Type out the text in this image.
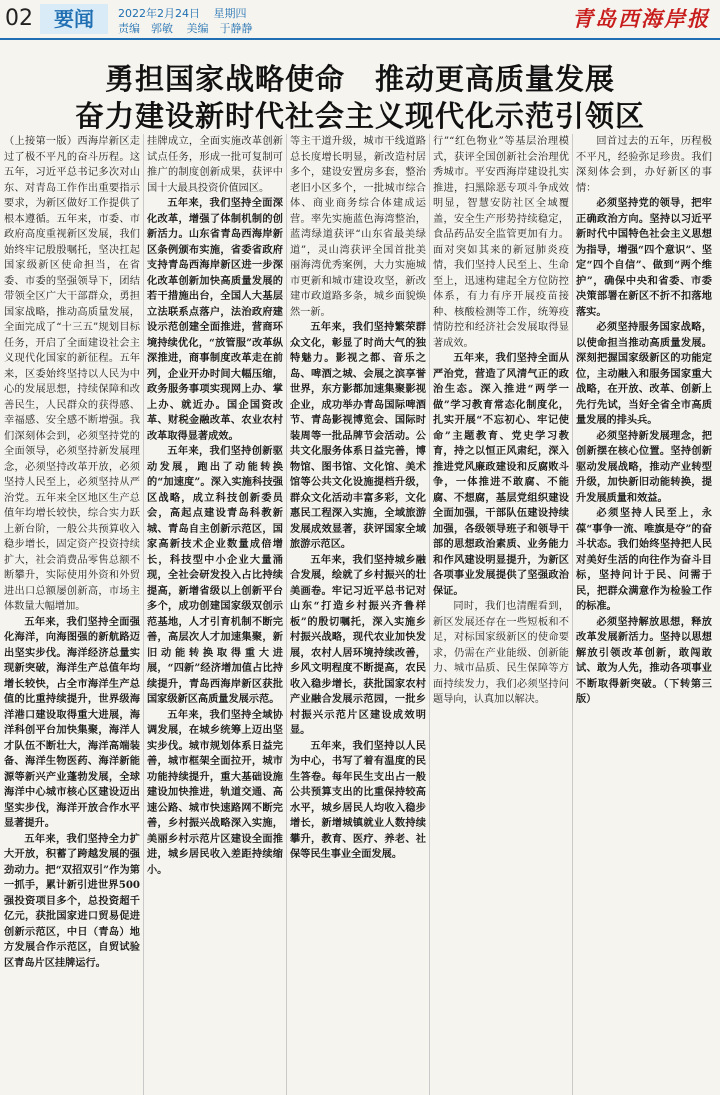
02	要闻	2022年2月24日 星期四
责编　郭敏 美编　于静静	青岛西海岸报
勇担国家战略使命　推动更高质量发展
奋力建设新时代社会主义现代化示范引领区

（上接第一版）西海岸新区走过了极不平凡的奋斗历程。这五年，习近平总书记多次对山东、对青岛工作作出重要指示要求，为新区做好工作提供了根本遵循。五年来，市委、市政府高度重视新区发展，我们始终牢记殷殷嘱托，坚决扛起国家级新区使命担当，在省委、市委的坚强领导下，团结带领全区广大干部群众，勇担国家战略，推动高质量发展，全面完成了“十三五”规划目标任务，开启了全面建设社会主义现代化国家的新征程。五年来，区委始终坚持以人民为中心的发展思想，持续保障和改善民生，人民群众的获得感、幸福感、安全感不断增强。我们深刻体会到，必须坚持党的全面领导，必须坚持新发展理念，必须坚持改革开放，必须坚持人民至上，必须坚持从严治党。五年来全区地区生产总值年均增长较快，综合实力跃上新台阶，一般公共预算收入稳步增长，固定资产投资持续扩大，社会消费品零售总额不断攀升，实际使用外资和外贸进出口总额屡创新高，市场主体数量大幅增加。

五年来，我们坚持全面强化海洋，向海图强的新航路迈出坚实步伐。海洋经济总量实现新突破，海洋生产总值年均增长较快，占全市海洋生产总值的比重持续提升，世界级海洋港口建设取得重大进展，海洋科创平台加快集聚，海洋人才队伍不断壮大，海洋高端装备、海洋生物医药、海洋新能源等新兴产业蓬勃发展，全球海洋中心城市核心区建设迈出坚实步伐，海洋开放合作水平显著提升。

五年来，我们坚持全力扩大开放，积蓄了跨越发展的强劲动力。把“双招双引”作为第一抓手，累计新引进世界500强投资项目多个，总投资超千亿元，获批国家进口贸易促进创新示范区，中日（青岛）地方发展合作示范区，自贸试验区青岛片区挂牌运行。

挂牌成立，全面实施改革创新试点任务，形成一批可复制可推广的制度创新成果，获评中国十大最具投资价值园区。

五年来，我们坚持全面深化改革，增强了体制机制的创新活力。山东省青岛西海岸新区条例颁布实施，省委省政府支持青岛西海岸新区进一步深化改革创新加快高质量发展的若干措施出台，全国人大基层立法联系点落户，法治政府建设示范创建全面推进，营商环境持续优化，“放管服”改革纵深推进，商事制度改革走在前列，企业开办时间大幅压缩，政务服务事项实现网上办、掌上办、就近办。国企国资改革、财税金融改革、农业农村改革取得显著成效。

五年来，我们坚持创新驱动发展，跑出了动能转换的“加速度”。深入实施科技强区战略，成立科技创新委员会，高起点建设青岛科教新城、青岛自主创新示范区，国家高新技术企业数量成倍增长，科技型中小企业大量涌现，全社会研发投入占比持续提高，新增省级以上创新平台多个，成功创建国家级双创示范基地，人才引育机制不断完善，高层次人才加速集聚，新旧动能转换取得重大进展，“四新”经济增加值占比持续提升，青岛西海岸新区获批国家级新区高质量发展示范。

五年来，我们坚持全域协调发展，在城乡统筹上迈出坚实步伐。城市规划体系日益完善，城市框架全面拉开，城市功能持续提升，重大基础设施建设加快推进，轨道交通、高速公路、城市快速路网不断完善，乡村振兴战略深入实施，美丽乡村示范片区建设全面推进，城乡居民收入差距持续缩小。

等主干道升级，城市干线道路总长度增长明显，新改造村居多个，建设安置房多套，整治老旧小区多个，一批城市综合体、商业商务综合体建成运营。率先实施蓝色海湾整治，蓝湾绿道获评“山东省最美绿道”，灵山湾获评全国首批美丽海湾优秀案例，大力实施城市更新和城市建设攻坚，新改建市政道路多条，城乡面貌焕然一新。

五年来，我们坚持繁荣群众文化，彰显了时尚大气的独特魅力。影视之都、音乐之岛、啤酒之城、会展之滨享誉世界，东方影都加速集聚影视企业，成功举办青岛国际啤酒节、青岛影视博览会、国际时装周等一批品牌节会活动。公共文化服务体系日益完善，博物馆、图书馆、文化馆、美术馆等公共文化设施提档升级，群众文化活动丰富多彩，文化惠民工程深入实施，全域旅游发展成效显著，获评国家全域旅游示范区。

五年来，我们坚持城乡融合发展，绘就了乡村振兴的壮美画卷。牢记习近平总书记对山东“打造乡村振兴齐鲁样板”的殷切嘱托，深入实施乡村振兴战略，现代农业加快发展，农村人居环境持续改善，乡风文明程度不断提高，农民收入稳步增长，获批国家农村产业融合发展示范园，一批乡村振兴示范片区建设成效明显。

五年来，我们坚持以人民为中心，书写了着有温度的民生答卷。每年民生支出占一般公共预算支出的比重保持较高水平，城乡居民人均收入稳步增长，新增城镇就业人数持续攀升，教育、医疗、养老、社保等民生事业全面发展。

行”“红色物业”等基层治理模式，获评全国创新社会治理优秀城市。平安西海岸建设扎实推进，扫黑除恶专项斗争成效明显，智慧安防社区全域覆盖，安全生产形势持续稳定，食品药品安全监管更加有力。面对突如其来的新冠肺炎疫情，我们坚持人民至上、生命至上，迅速构建起全方位防控体系，有力有序开展疫苗接种、核酸检测等工作，统筹疫情防控和经济社会发展取得显著成效。

五年来，我们坚持全面从严治党，营造了风清气正的政治生态。深入推进“两学一做”学习教育常态化制度化，扎实开展“不忘初心、牢记使命”主题教育、党史学习教育，持之以恒正风肃纪，深入推进党风廉政建设和反腐败斗争，一体推进不敢腐、不能腐、不想腐，基层党组织建设全面加强，干部队伍建设持续加强，各级领导班子和领导干部的思想政治素质、业务能力和作风建设明显提升，为新区各项事业发展提供了坚强政治保证。

同时，我们也清醒看到，新区发展还存在一些短板和不足，对标国家级新区的使命要求，仍需在产业能级、创新能力、城市品质、民生保障等方面持续发力，我们必须坚持问题导向，认真加以解决。

回首过去的五年，历程极不平凡，经验弥足珍贵。我们深刻体会到，办好新区的事情：

必须坚持党的领导，把牢正确政治方向。坚持以习近平新时代中国特色社会主义思想为指导，增强“四个意识”、坚定“四个自信”、做到“两个维护”，确保中央和省委、市委决策部署在新区不折不扣落地落实。

必须坚持服务国家战略，以使命担当推动高质量发展。深刻把握国家级新区的功能定位，主动融入和服务国家重大战略，在开放、改革、创新上先行先试，当好全省全市高质量发展的排头兵。

必须坚持新发展理念，把创新摆在核心位置。坚持创新驱动发展战略，推动产业转型升级，加快新旧动能转换，提升发展质量和效益。

必须坚持人民至上，永葆“事争一流、唯旗是夺”的奋斗状态。我们始终坚持把人民对美好生活的向往作为奋斗目标，坚持问计于民、问需于民，把群众满意作为检验工作的标准。

必须坚持解放思想，释放改革发展新活力。坚持以思想解放引领改革创新，敢闯敢试、敢为人先，推动各项事业不断取得新突破。（下转第三版）
